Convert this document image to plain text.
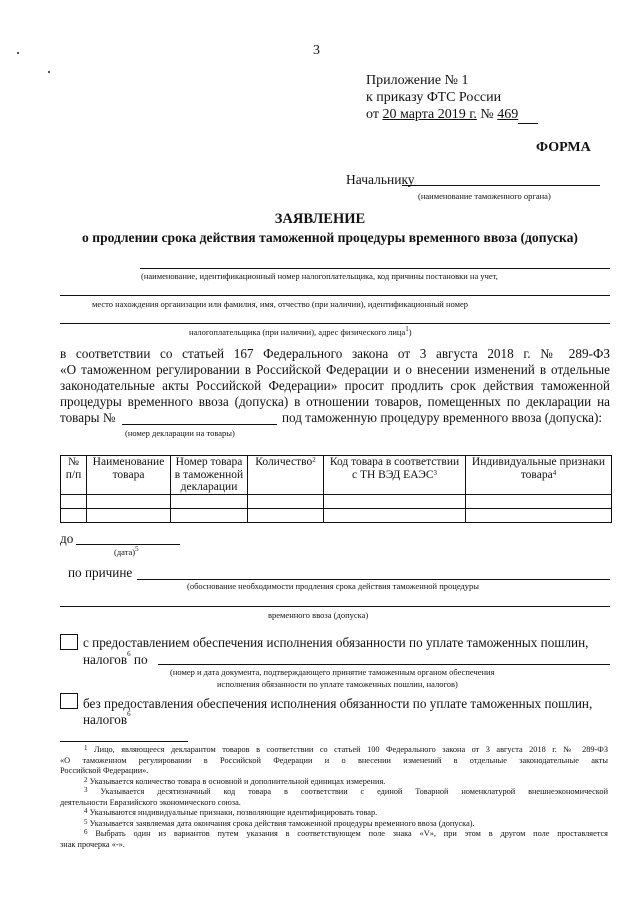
3
Приложение № 1
к приказу ФТС России
от 20 марта 2019 г. № 469
ФОРМА
Начальнику
(наименование таможенного органа)
ЗАЯВЛЕНИЕ
о продлении срока действия таможенной процедуры временного ввоза (допуска)
(наименование, идентификационный номер налогоплательщика, код причины постановки на учет,
место нахождения организации или фамилия, имя, отчество (при наличии), идентификационный номер
налогоплательщика (при наличии), адрес физического лица$^1$)
в соответствии со статьей 167 Федерального закона от 3 августа 2018 г. № 289-ФЗ
«О таможенном регулировании в Российской Федерации и о внесении изменений в отдельные
законодательные акты Российской Федерации» просит продлить срок действия таможенной
процедуры временного ввоза (допуска) в отношении товаров, помещенных по декларации на
товары №	под таможенную процедуру временного ввоза (допуска):
(номер декларации на товары)
№ п/п	Наименование товара	Номер товара в таможенной декларации	Количество$^2$	Код товара в соответствии с ТН ВЭД ЕАЭС$^3$	Индивидуальные признаки товара$^4$

до
(дата)$^5$
по причине
(обоснование необходимости продления срока действия таможенной процедуры
временного ввоза (допуска)
с предоставлением обеспечения исполнения обязанности по уплате таможенных пошлин,
налогов$^6$ по
(номер и дата документа, подтверждающего принятие таможенным органом обеспечения
исполнения обязанности по уплате таможенных пошлин, налогов)
без предоставления обеспечения исполнения обязанности по уплате таможенных пошлин,
налогов$^6$
$^1$ Лицо, являющееся декларантом товаров в соответствии со статьей 100 Федерального закона от 3 августа 2018 г. № 289-ФЗ
«О таможенном регулировании в Российской Федерации и о внесении изменений в отдельные законодательные акты
Российской Федерации».
$^2$ Указывается количество товара в основной и дополнительной единицах измерения.
$^3$ Указывается десятизначный код товара в соответствии с единой Товарной номенклатурой внешнеэкономической
деятельности Евразийского экономического союза.
$^4$ Указываются индивидуальные признаки, позволяющие идентифицировать товар.
$^5$ Указывается заявляемая дата окончания срока действия таможенной процедуры временного ввоза (допуска).
$^6$ Выбрать один из вариантов путем указания в соответствующем поле знака «V», при этом в другом поле проставляется
знак прочерка «-».
